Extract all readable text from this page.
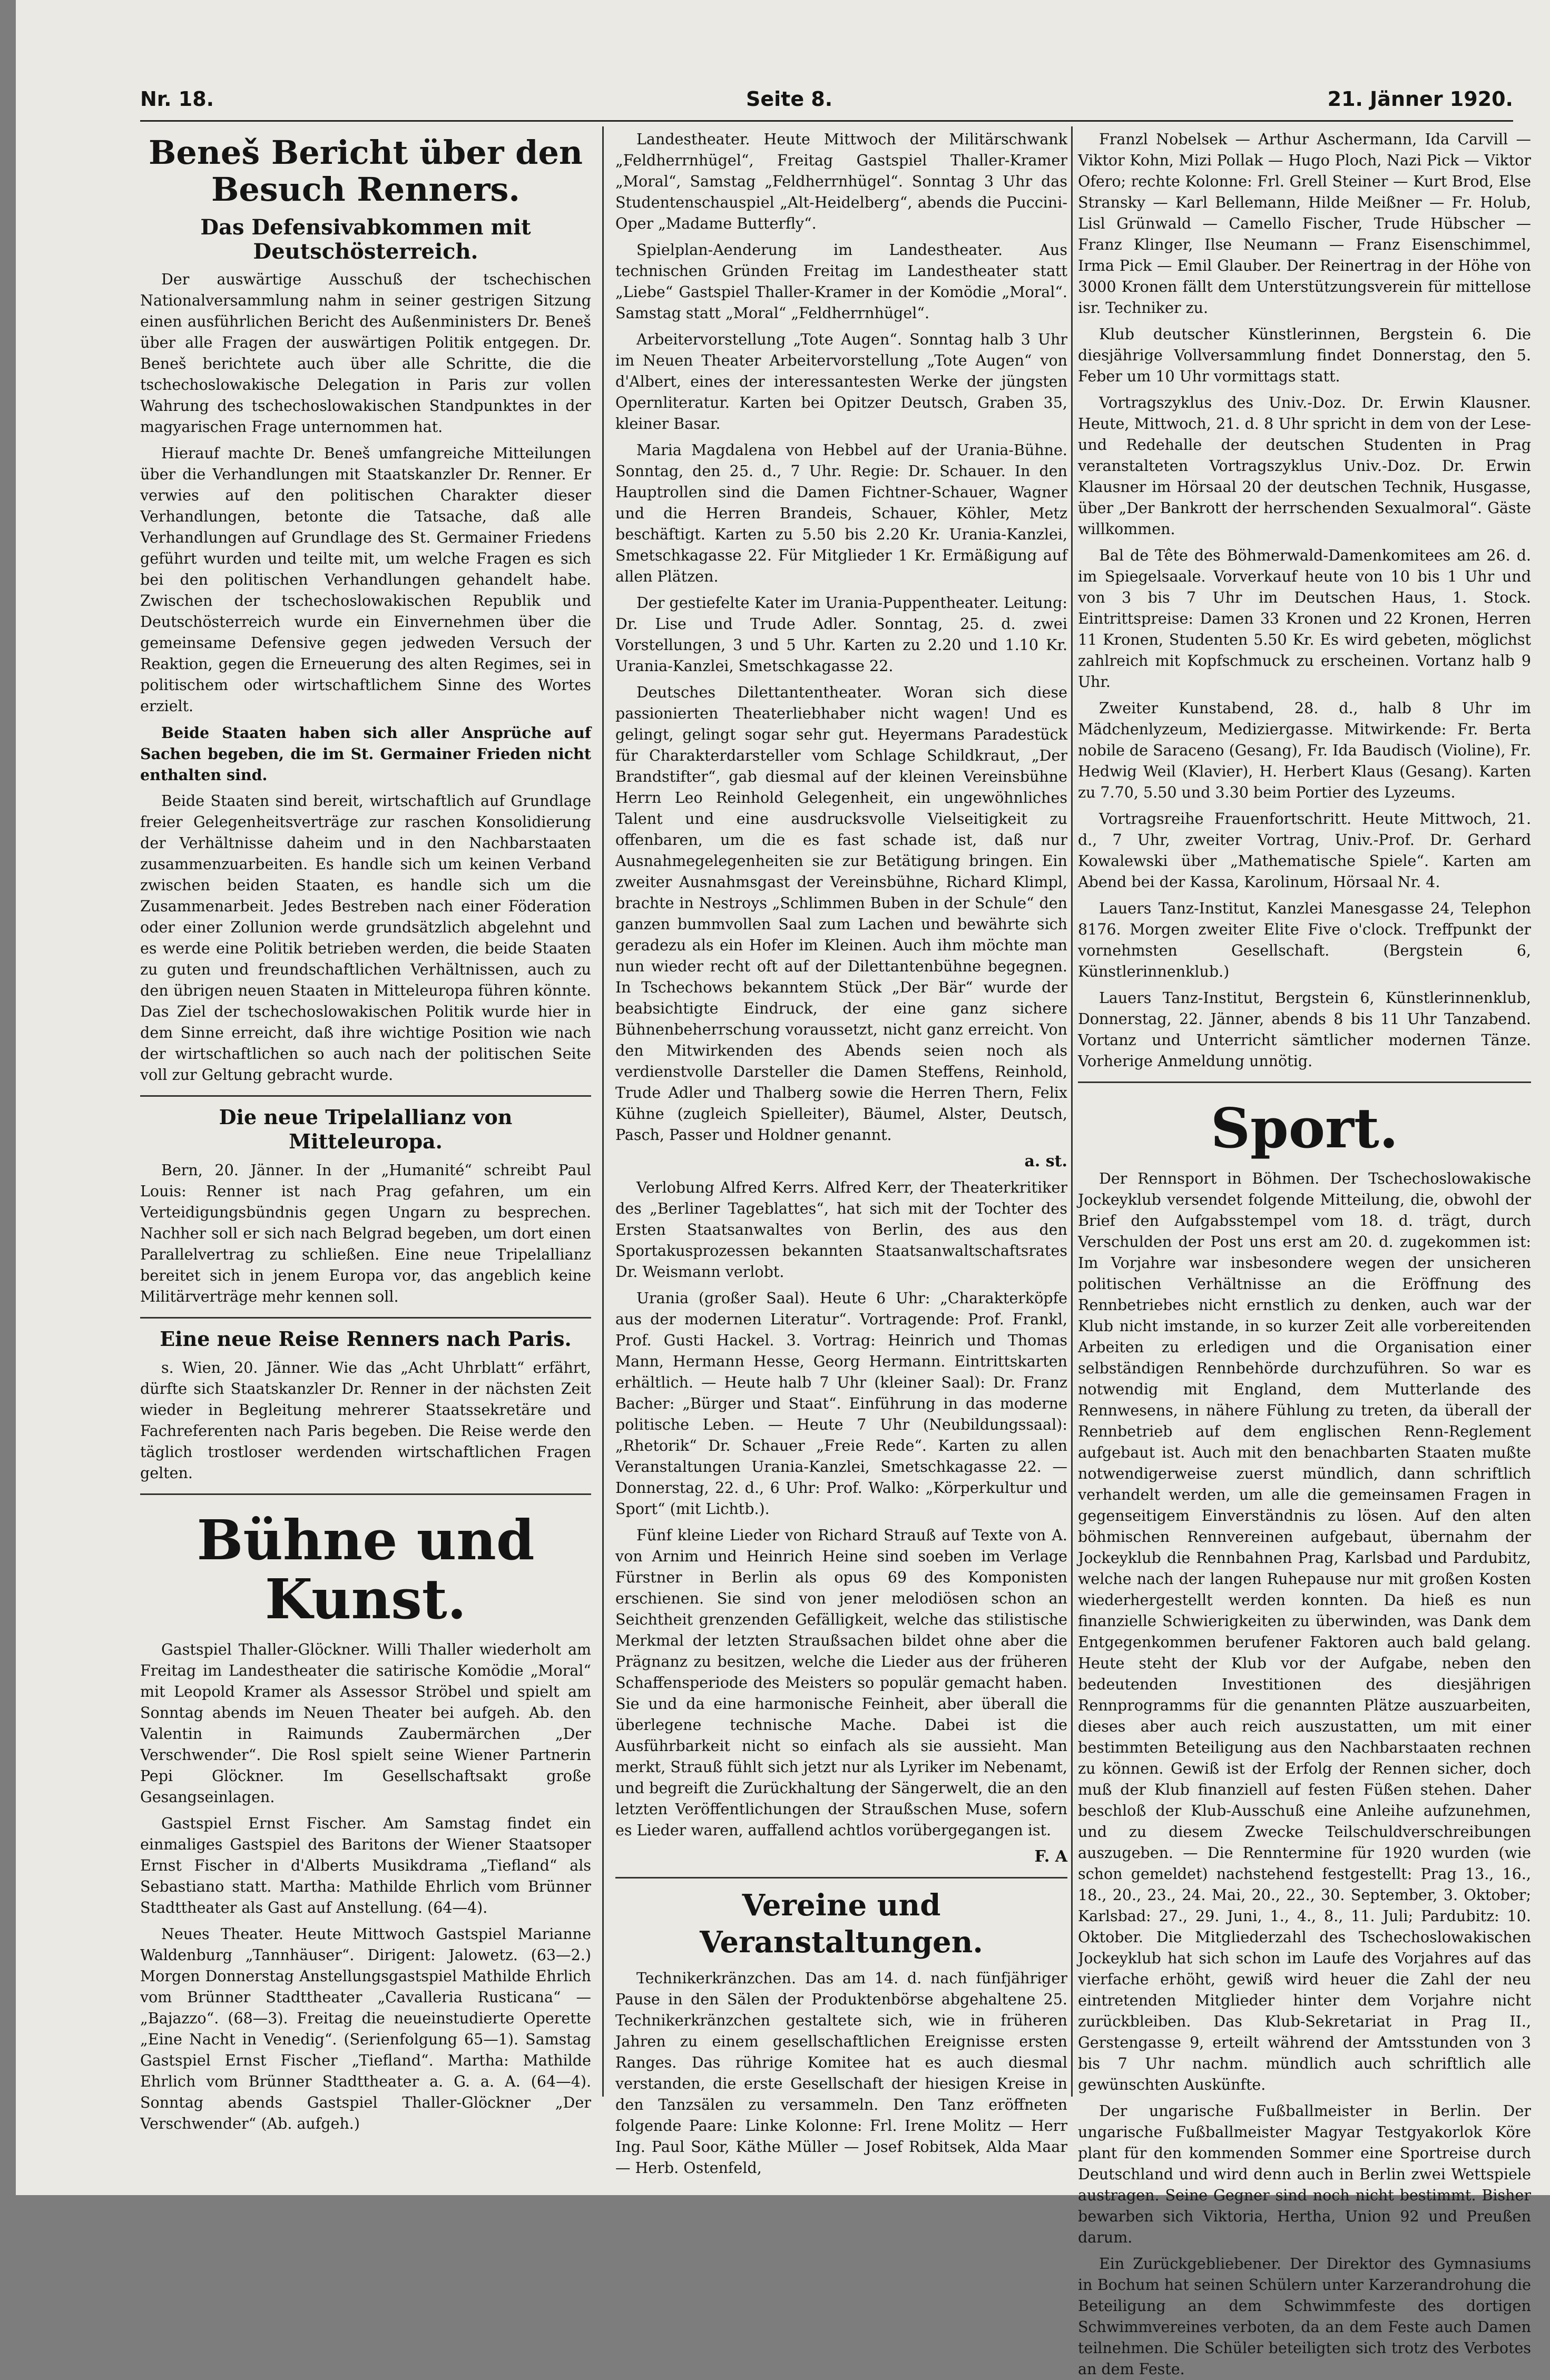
Nr. 18.	Seite 8.	21. Jänner 1920.
Beneš Bericht über den Besuch Renners.
Das Defensivabkommen mit Deutschösterreich.

Der auswärtige Ausschuß der tschechischen Nationalversammlung nahm in seiner gestrigen Sitzung einen ausführlichen Bericht des Außenministers Dr. Beneš über alle Fragen der auswärtigen Politik entgegen. Dr. Beneš berichtete auch über alle Schritte, die die tschechoslowakische Delegation in Paris zur vollen Wahrung des tschechoslowakischen Standpunktes in der magyarischen Frage unternommen hat.

Hierauf machte Dr. Beneš umfangreiche Mitteilungen über die Verhandlungen mit Staatskanzler Dr. Renner. Er verwies auf den politischen Charakter dieser Verhandlungen, betonte die Tatsache, daß alle Verhandlungen auf Grundlage des St. Germainer Friedens geführt wurden und teilte mit, um welche Fragen es sich bei den politischen Verhandlungen gehandelt habe. Zwischen der tschechoslowakischen Republik und Deutschösterreich wurde ein Einvernehmen über die gemeinsame Defensive gegen jedweden Versuch der Reaktion, gegen die Erneuerung des alten Regimes, sei in politischem oder wirtschaftlichem Sinne des Wortes erzielt.

Beide Staaten haben sich aller Ansprüche auf Sachen begeben, die im St. Germainer Frieden nicht enthalten sind.

Beide Staaten sind bereit, wirtschaftlich auf Grundlage freier Gelegenheitsverträge zur raschen Konsolidierung der Verhältnisse daheim und in den Nachbarstaaten zusammenzuarbeiten. Es handle sich um keinen Verband zwischen beiden Staaten, es handle sich um die Zusammenarbeit. Jedes Bestreben nach einer Föderation oder einer Zollunion werde grundsätzlich abgelehnt und es werde eine Politik betrieben werden, die beide Staaten zu guten und freundschaftlichen Verhältnissen, auch zu den übrigen neuen Staaten in Mitteleuropa führen könnte. Das Ziel der tschechoslowakischen Politik wurde hier in dem Sinne erreicht, daß ihre wichtige Position wie nach der wirtschaftlichen so auch nach der politischen Seite voll zur Geltung gebracht wurde.

Die neue Tripelallianz von Mitteleuropa.

Bern, 20. Jänner. In der „Humanité“ schreibt Paul Louis: Renner ist nach Prag gefahren, um ein Verteidigungsbündnis gegen Ungarn zu besprechen. Nachher soll er sich nach Belgrad begeben, um dort einen Parallelvertrag zu schließen. Eine neue Tripelallianz bereitet sich in jenem Europa vor, das angeblich keine Militärverträge mehr kennen soll.

Eine neue Reise Renners nach Paris.

s. Wien, 20. Jänner. Wie das „Acht Uhrblatt“ erfährt, dürfte sich Staatskanzler Dr. Renner in der nächsten Zeit wieder in Begleitung mehrerer Staatssekretäre und Fachreferenten nach Paris begeben. Die Reise werde den täglich trostloser werdenden wirtschaftlichen Fragen gelten.

Bühne und Kunst.

Gastspiel Thaller-Glöckner. Willi Thaller wiederholt am Freitag im Landestheater die satirische Komödie „Moral“ mit Leopold Kramer als Assessor Ströbel und spielt am Sonntag abends im Neuen Theater bei aufgeh. Ab. den Valentin in Raimunds Zaubermärchen „Der Verschwender“. Die Rosl spielt seine Wiener Partnerin Pepi Glöckner. Im Gesellschaftsakt große Gesangseinlagen.

Gastspiel Ernst Fischer. Am Samstag findet ein einmaliges Gastspiel des Baritons der Wiener Staatsoper Ernst Fischer in d'Alberts Musikdrama „Tiefland“ als Sebastiano statt. Martha: Mathilde Ehrlich vom Brünner Stadttheater als Gast auf Anstellung. (64—4).

Neues Theater. Heute Mittwoch Gastspiel Marianne Waldenburg „Tannhäuser“. Dirigent: Jalowetz. (63—2.) Morgen Donnerstag Anstellungsgastspiel Mathilde Ehrlich vom Brünner Stadttheater „Cavalleria Rusticana“ — „Bajazzo“. (68—3). Freitag die neueinstudierte Operette „Eine Nacht in Venedig“. (Serienfolgung 65—1). Samstag Gastspiel Ernst Fischer „Tiefland“. Martha: Mathilde Ehrlich vom Brünner Stadttheater a. G. a. A. (64—4). Sonntag abends Gastspiel Thaller-Glöckner „Der Verschwender“ (Ab. aufgeh.)

Landestheater. Heute Mittwoch der Militärschwank „Feldherrnhügel“, Freitag Gastspiel Thaller-Kramer „Moral“, Samstag „Feldherrnhügel“. Sonntag 3 Uhr das Studentenschauspiel „Alt-Heidelberg“, abends die Puccini-Oper „Madame Butterfly“.

Spielplan-Aenderung im Landestheater. Aus technischen Gründen Freitag im Landestheater statt „Liebe“ Gastspiel Thaller-Kramer in der Komödie „Moral“. Samstag statt „Moral“ „Feldherrnhügel“.

Arbeitervorstellung „Tote Augen“. Sonntag halb 3 Uhr im Neuen Theater Arbeitervorstellung „Tote Augen“ von d'Albert, eines der interessantesten Werke der jüngsten Opernliteratur. Karten bei Opitzer Deutsch, Graben 35, kleiner Basar.

Maria Magdalena von Hebbel auf der Urania-Bühne. Sonntag, den 25. d., 7 Uhr. Regie: Dr. Schauer. In den Hauptrollen sind die Damen Fichtner-Schauer, Wagner und die Herren Brandeis, Schauer, Köhler, Metz beschäftigt. Karten zu 5.50 bis 2.20 Kr. Urania-Kanzlei, Smetschkagasse 22. Für Mitglieder 1 Kr. Ermäßigung auf allen Plätzen.

Der gestiefelte Kater im Urania-Puppentheater. Leitung: Dr. Lise und Trude Adler. Sonntag, 25. d. zwei Vorstellungen, 3 und 5 Uhr. Karten zu 2.20 und 1.10 Kr. Urania-Kanzlei, Smetschkagasse 22.

Deutsches Dilettantentheater. Woran sich diese passionierten Theaterliebhaber nicht wagen! Und es gelingt, gelingt sogar sehr gut. Heyermans Paradestück für Charakterdarsteller vom Schlage Schildkraut, „Der Brandstifter“, gab diesmal auf der kleinen Vereinsbühne Herrn Leo Reinhold Gelegenheit, ein ungewöhnliches Talent und eine ausdrucksvolle Vielseitigkeit zu offenbaren, um die es fast schade ist, daß nur Ausnahmegelegenheiten sie zur Betätigung bringen. Ein zweiter Ausnahmsgast der Vereinsbühne, Richard Klimpl, brachte in Nestroys „Schlimmen Buben in der Schule“ den ganzen bummvollen Saal zum Lachen und bewährte sich geradezu als ein Hofer im Kleinen. Auch ihm möchte man nun wieder recht oft auf der Dilettantenbühne begegnen. In Tschechows bekanntem Stück „Der Bär“ wurde der beabsichtigte Eindruck, der eine ganz sichere Bühnenbeherrschung voraussetzt, nicht ganz erreicht. Von den Mitwirkenden des Abends seien noch als verdienstvolle Darsteller die Damen Steffens, Reinhold, Trude Adler und Thalberg sowie die Herren Thern, Felix Kühne (zugleich Spielleiter), Bäumel, Alster, Deutsch, Pasch, Passer und Holdner genannt.

a. st.

Verlobung Alfred Kerrs. Alfred Kerr, der Theaterkritiker des „Berliner Tageblattes“, hat sich mit der Tochter des Ersten Staatsanwaltes von Berlin, des aus den Sportakusprozessen bekannten Staatsanwaltschaftsrates Dr. Weismann verlobt.

Urania (großer Saal). Heute 6 Uhr: „Charakterköpfe aus der modernen Literatur“. Vortragende: Prof. Frankl, Prof. Gusti Hackel. 3. Vortrag: Heinrich und Thomas Mann, Hermann Hesse, Georg Hermann. Eintrittskarten erhältlich. — Heute halb 7 Uhr (kleiner Saal): Dr. Franz Bacher: „Bürger und Staat“. Einführung in das moderne politische Leben. — Heute 7 Uhr (Neubildungssaal): „Rhetorik“ Dr. Schauer „Freie Rede“. Karten zu allen Veranstaltungen Urania-Kanzlei, Smetschkagasse 22. — Donnerstag, 22. d., 6 Uhr: Prof. Walko: „Körperkultur und Sport“ (mit Lichtb.).

Fünf kleine Lieder von Richard Strauß auf Texte von A. von Arnim und Heinrich Heine sind soeben im Verlage Fürstner in Berlin als opus 69 des Komponisten erschienen. Sie sind von jener melodiösen schon an Seichtheit grenzenden Gefälligkeit, welche das stilistische Merkmal der letzten Straußsachen bildet ohne aber die Prägnanz zu besitzen, welche die Lieder aus der früheren Schaffensperiode des Meisters so populär gemacht haben. Sie und da eine harmonische Feinheit, aber überall die überlegene technische Mache. Dabei ist die Ausführbarkeit nicht so einfach als sie aussieht. Man merkt, Strauß fühlt sich jetzt nur als Lyriker im Nebenamt, und begreift die Zurückhaltung der Sängerwelt, die an den letzten Veröffentlichungen der Straußschen Muse, sofern es Lieder waren, auffallend achtlos vorübergegangen ist.

F. A
Vereine und Veranstaltungen.

Technikerkränzchen. Das am 14. d. nach fünfjähriger Pause in den Sälen der Produktenbörse abgehaltene 25. Technikerkränzchen gestaltete sich, wie in früheren Jahren zu einem gesellschaftlichen Ereignisse ersten Ranges. Das rührige Komitee hat es auch diesmal verstanden, die erste Gesellschaft der hiesigen Kreise in den Tanzsälen zu versammeln. Den Tanz eröffneten folgende Paare: Linke Kolonne: Frl. Irene Molitz — Herr Ing. Paul Soor, Käthe Müller — Josef Robitsek, Alda Maar — Herb. Ostenfeld,

Franzl Nobelsek — Arthur Aschermann, Ida Carvill — Viktor Kohn, Mizi Pollak — Hugo Ploch, Nazi Pick — Viktor Ofero; rechte Kolonne: Frl. Grell Steiner — Kurt Brod, Else Stransky — Karl Bellemann, Hilde Meißner — Fr. Holub, Lisl Grünwald — Camello Fischer, Trude Hübscher — Franz Klinger, Ilse Neumann — Franz Eisenschimmel, Irma Pick — Emil Glauber. Der Reinertrag in der Höhe von 3000 Kronen fällt dem Unterstützungsverein für mittellose isr. Techniker zu.

Klub deutscher Künstlerinnen, Bergstein 6. Die diesjährige Vollversammlung findet Donnerstag, den 5. Feber um 10 Uhr vormittags statt.

Vortragszyklus des Univ.-Doz. Dr. Erwin Klausner. Heute, Mittwoch, 21. d. 8 Uhr spricht in dem von der Lese- und Redehalle der deutschen Studenten in Prag veranstalteten Vortragszyklus Univ.-Doz. Dr. Erwin Klausner im Hörsaal 20 der deutschen Technik, Husgasse, über „Der Bankrott der herrschenden Sexualmoral“. Gäste willkommen.

Bal de Tête des Böhmerwald-Damenkomitees am 26. d. im Spiegelsaale. Vorverkauf heute von 10 bis 1 Uhr und von 3 bis 7 Uhr im Deutschen Haus, 1. Stock. Eintrittspreise: Damen 33 Kronen und 22 Kronen, Herren 11 Kronen, Studenten 5.50 Kr. Es wird gebeten, möglichst zahlreich mit Kopfschmuck zu erscheinen. Vortanz halb 9 Uhr.

Zweiter Kunstabend, 28. d., halb 8 Uhr im Mädchenlyzeum, Mediziergasse. Mitwirkende: Fr. Berta nobile de Saraceno (Gesang), Fr. Ida Baudisch (Violine), Fr. Hedwig Weil (Klavier), H. Herbert Klaus (Gesang). Karten zu 7.70, 5.50 und 3.30 beim Portier des Lyzeums.

Vortragsreihe Frauenfortschritt. Heute Mittwoch, 21. d., 7 Uhr, zweiter Vortrag, Univ.-Prof. Dr. Gerhard Kowalewski über „Mathematische Spiele“. Karten am Abend bei der Kassa, Karolinum, Hörsaal Nr. 4.

Lauers Tanz-Institut, Kanzlei Manesgasse 24, Telephon 8176. Morgen zweiter Elite Five o'clock. Treffpunkt der vornehmsten Gesellschaft. (Bergstein 6, Künstlerinnenklub.)

Lauers Tanz-Institut, Bergstein 6, Künstlerinnenklub, Donnerstag, 22. Jänner, abends 8 bis 11 Uhr Tanzabend. Vortanz und Unterricht sämtlicher modernen Tänze. Vorherige Anmeldung unnötig.

Sport.

Der Rennsport in Böhmen. Der Tschechoslowakische Jockeyklub versendet folgende Mitteilung, die, obwohl der Brief den Aufgabsstempel vom 18. d. trägt, durch Verschulden der Post uns erst am 20. d. zugekommen ist: Im Vorjahre war insbesondere wegen der unsicheren politischen Verhältnisse an die Eröffnung des Rennbetriebes nicht ernstlich zu denken, auch war der Klub nicht imstande, in so kurzer Zeit alle vorbereitenden Arbeiten zu erledigen und die Organisation einer selbständigen Rennbehörde durchzuführen. So war es notwendig mit England, dem Mutterlande des Rennwesens, in nähere Fühlung zu treten, da überall der Rennbetrieb auf dem englischen Renn-Reglement aufgebaut ist. Auch mit den benachbarten Staaten mußte notwendigerweise zuerst mündlich, dann schriftlich verhandelt werden, um alle die gemeinsamen Fragen in gegenseitigem Einverständnis zu lösen. Auf den alten böhmischen Rennvereinen aufgebaut, übernahm der Jockeyklub die Rennbahnen Prag, Karlsbad und Pardubitz, welche nach der langen Ruhepause nur mit großen Kosten wiederhergestellt werden konnten. Da hieß es nun finanzielle Schwierigkeiten zu überwinden, was Dank dem Entgegenkommen berufener Faktoren auch bald gelang. Heute steht der Klub vor der Aufgabe, neben den bedeutenden Investitionen des diesjährigen Rennprogramms für die genannten Plätze auszuarbeiten, dieses aber auch reich auszustatten, um mit einer bestimmten Beteiligung aus den Nachbarstaaten rechnen zu können. Gewiß ist der Erfolg der Rennen sicher, doch muß der Klub finanziell auf festen Füßen stehen. Daher beschloß der Klub-Ausschuß eine Anleihe aufzunehmen, und zu diesem Zwecke Teilschuldverschreibungen auszugeben. — Die Renntermine für 1920 wurden (wie schon gemeldet) nachstehend festgestellt: Prag 13., 16., 18., 20., 23., 24. Mai, 20., 22., 30. September, 3. Oktober; Karlsbad: 27., 29. Juni, 1., 4., 8., 11. Juli; Pardubitz: 10. Oktober. Die Mitgliederzahl des Tschechoslowakischen Jockeyklub hat sich schon im Laufe des Vorjahres auf das vierfache erhöht, gewiß wird heuer die Zahl der neu eintretenden Mitglieder hinter dem Vorjahre nicht zurückbleiben. Das Klub-Sekretariat in Prag II., Gerstengasse 9, erteilt während der Amtsstunden von 3 bis 7 Uhr nachm. mündlich auch schriftlich alle gewünschten Auskünfte.

Der ungarische Fußballmeister in Berlin. Der ungarische Fußballmeister Magyar Testgyakorlok Köre plant für den kommenden Sommer eine Sportreise durch Deutschland und wird denn auch in Berlin zwei Wettspiele austragen. Seine Gegner sind noch nicht bestimmt. Bisher bewarben sich Viktoria, Hertha, Union 92 und Preußen darum.

Ein Zurückgebliebener. Der Direktor des Gymnasiums in Bochum hat seinen Schülern unter Karzerandrohung die Beteiligung an dem Schwimmfeste des dortigen Schwimmvereines verboten, da an dem Feste auch Damen teilnehmen. Die Schüler beteiligten sich trotz des Verbotes an dem Feste.
